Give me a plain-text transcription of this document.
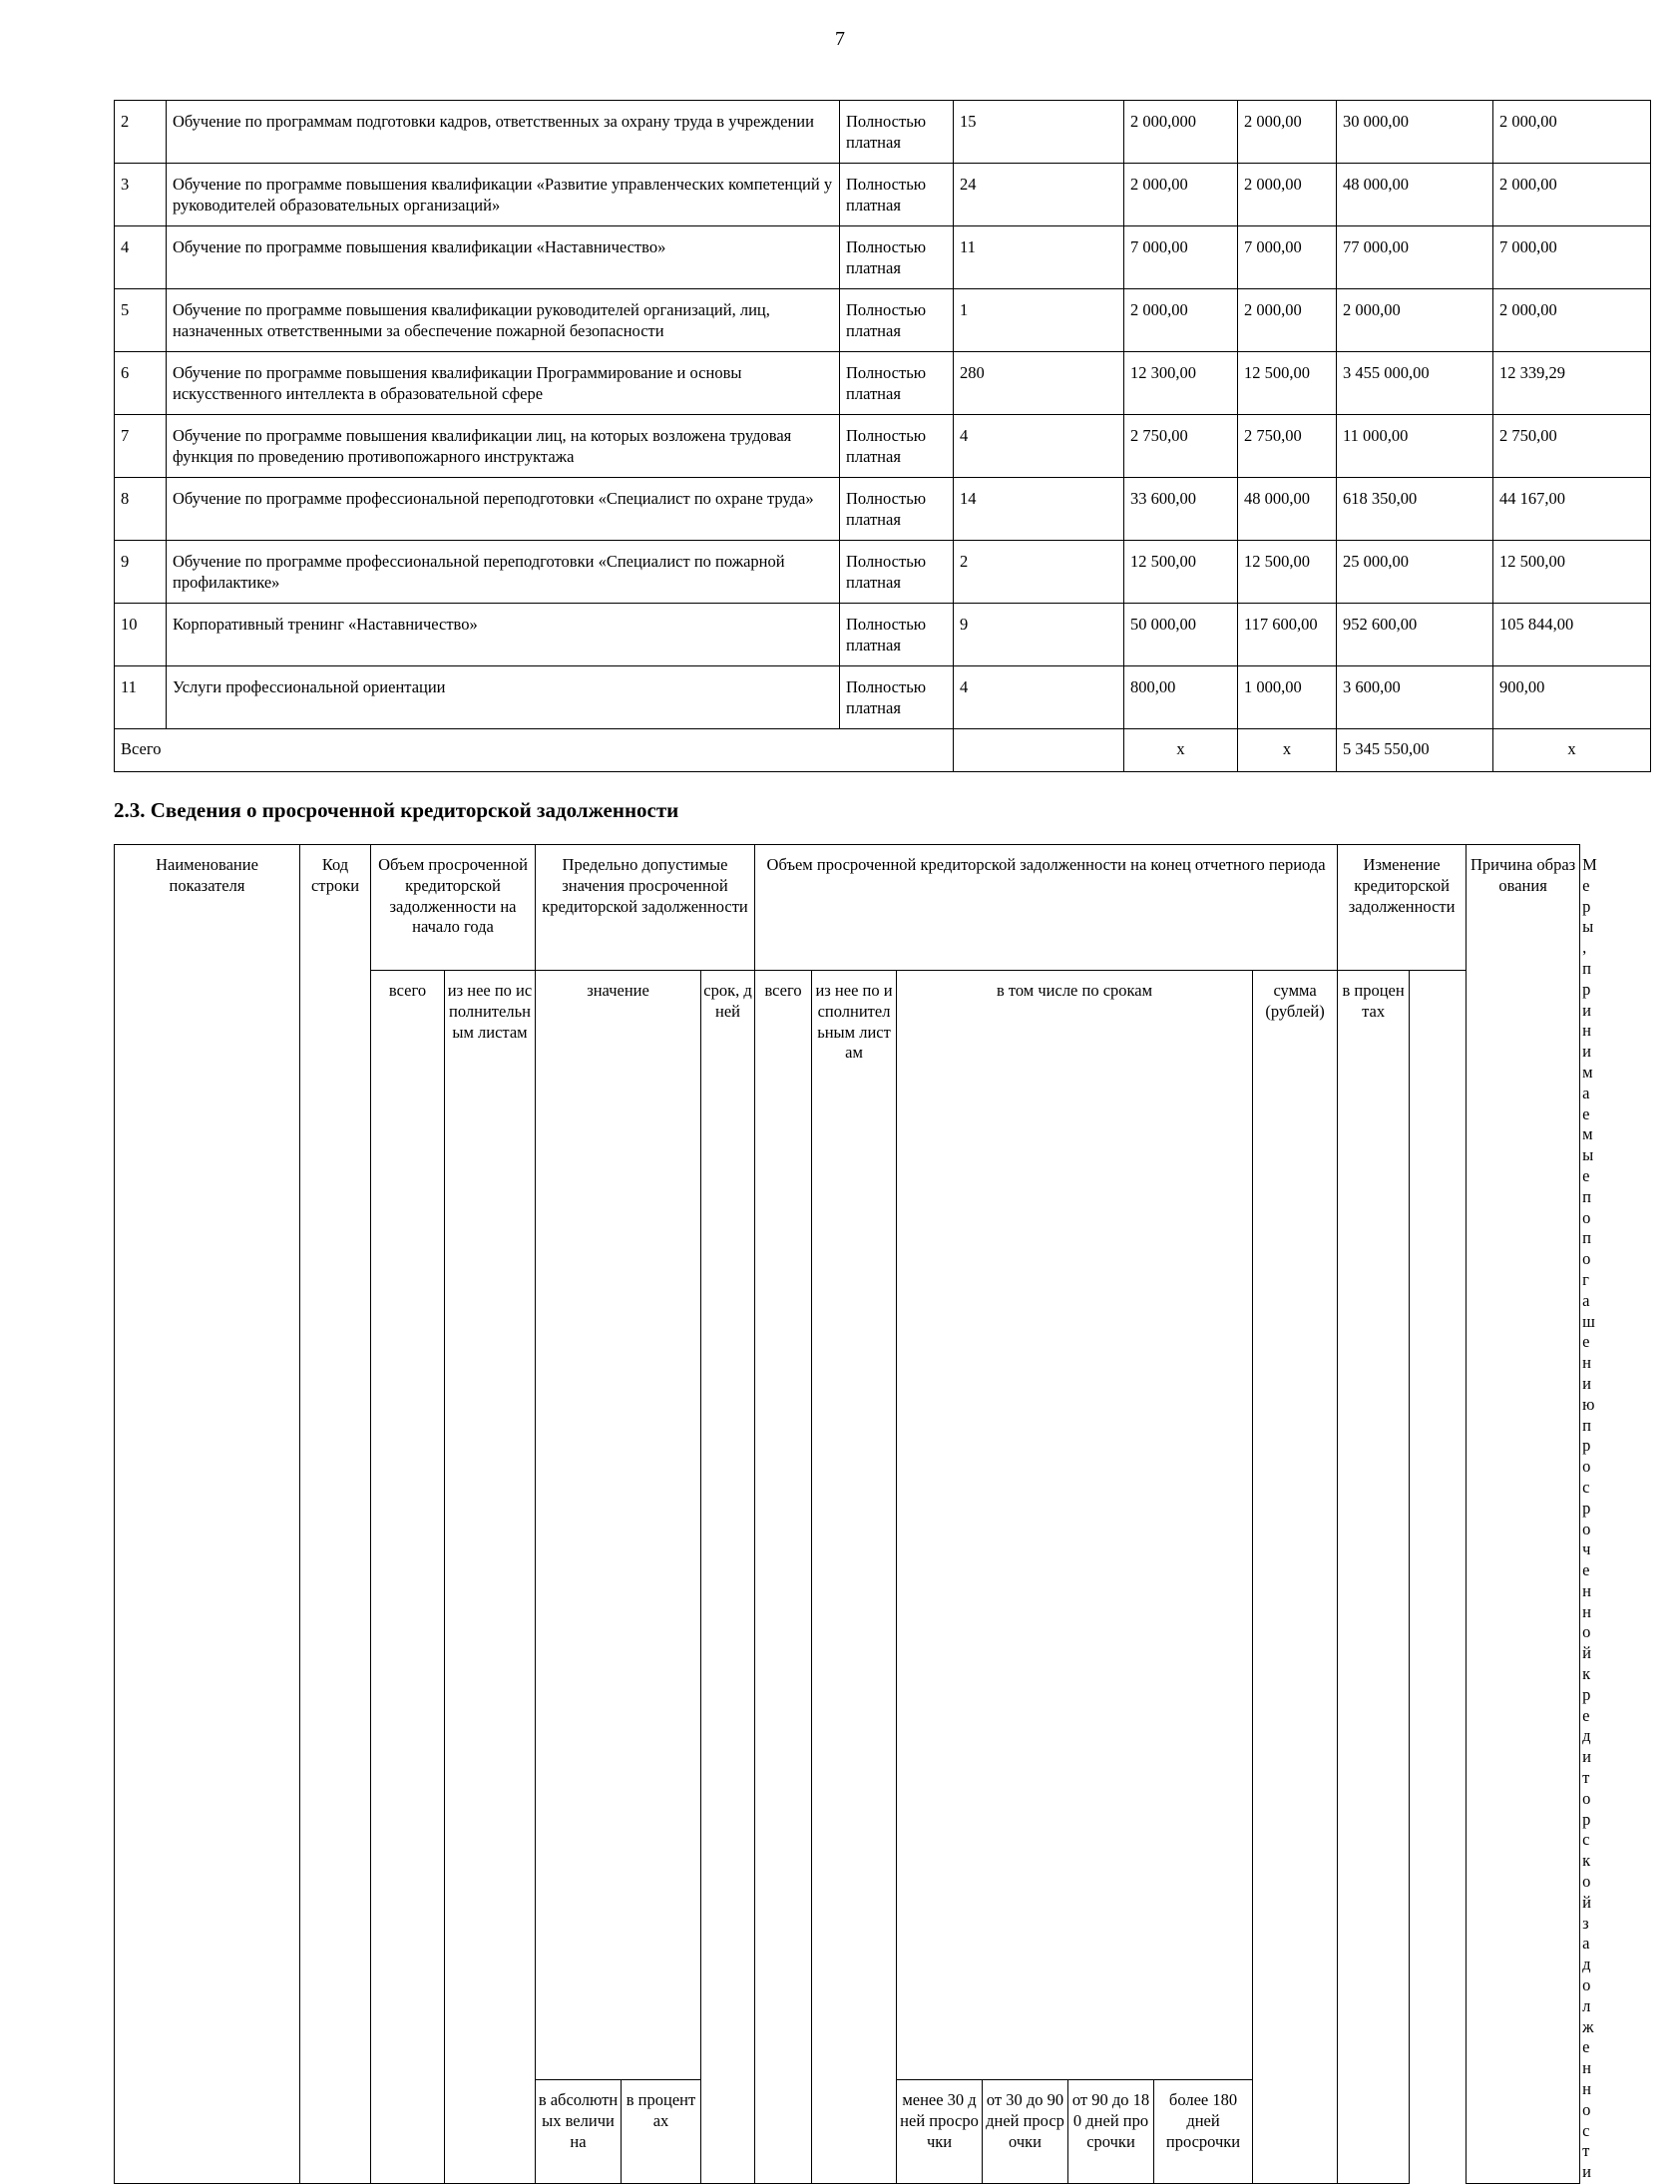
7
2	Обучение по программам подготовки кадров, ответственных за охрану труда в учреждении	Полностью платная	15	2 000,000	2 000,00	30 000,00	2 000,00
3	Обучение по программе повышения квалификации «Развитие управленческих компетенций у руководителей образовательных организаций»	Полностью платная	24	2 000,00	2 000,00	48 000,00	2 000,00
4	Обучение по программе повышения квалификации «Наставничество»	Полностью платная	11	7 000,00	7 000,00	77 000,00	7 000,00
5	Обучение по программе повышения квалификации руководителей организаций, лиц, назначенных ответственными за обеспечение пожарной безопасности	Полностью платная	1	2 000,00	2 000,00	2 000,00	2 000,00
6	Обучение по программе повышения квалификации Программирование и основы искусственного интеллекта в образовательной сфере	Полностью платная	280	12 300,00	12 500,00	3 455 000,00	12 339,29
7	Обучение по программе повышения квалификации лиц, на которых возложена трудовая функция по проведению противопожарного инструктажа	Полностью платная	4	2 750,00	2 750,00	11 000,00	2 750,00
8	Обучение по программе профессиональной переподготовки «Специалист по охране труда»	Полностью платная	14	33 600,00	48 000,00	618 350,00	44 167,00
9	Обучение по программе профессиональной переподготовки «Специалист по пожарной профилактике»	Полностью платная	2	12 500,00	12 500,00	25 000,00	12 500,00
10	Корпоративный тренинг «Наставничество»	Полностью платная	9	50 000,00	117 600,00	952 600,00	105 844,00
11	Услуги профессиональной ориентации	Полностью платная	4	800,00	1 000,00	3 600,00	900,00
Всего				х	х	5 345 550,00	х
2.3. Сведения о просроченной кредиторской задолженности
Наименование показателя	Код строки	Объем просроченной кредиторской задолженности на начало года		Предельно допустимые значения просроченной кредиторской задолженности			Объем просроченной кредиторской задолженности на конец отчетного периода							Изменение кредиторской задолженности	Причина образования	Меры, принимаемые по погашению просроченной кредиторской задолженности
		всего	из нее по исполнительным листам	значение		срок, дней	всего	из нее по исполнительным листам	в том числе по срокам				сумма (рублей)	в процентах		
				в абсолютных величина	в процентах				менее 30 дней просрочки	от 30 до 90 дней просрочки	от 90 до 180 дней просрочки	более 180 дней просрочки				
